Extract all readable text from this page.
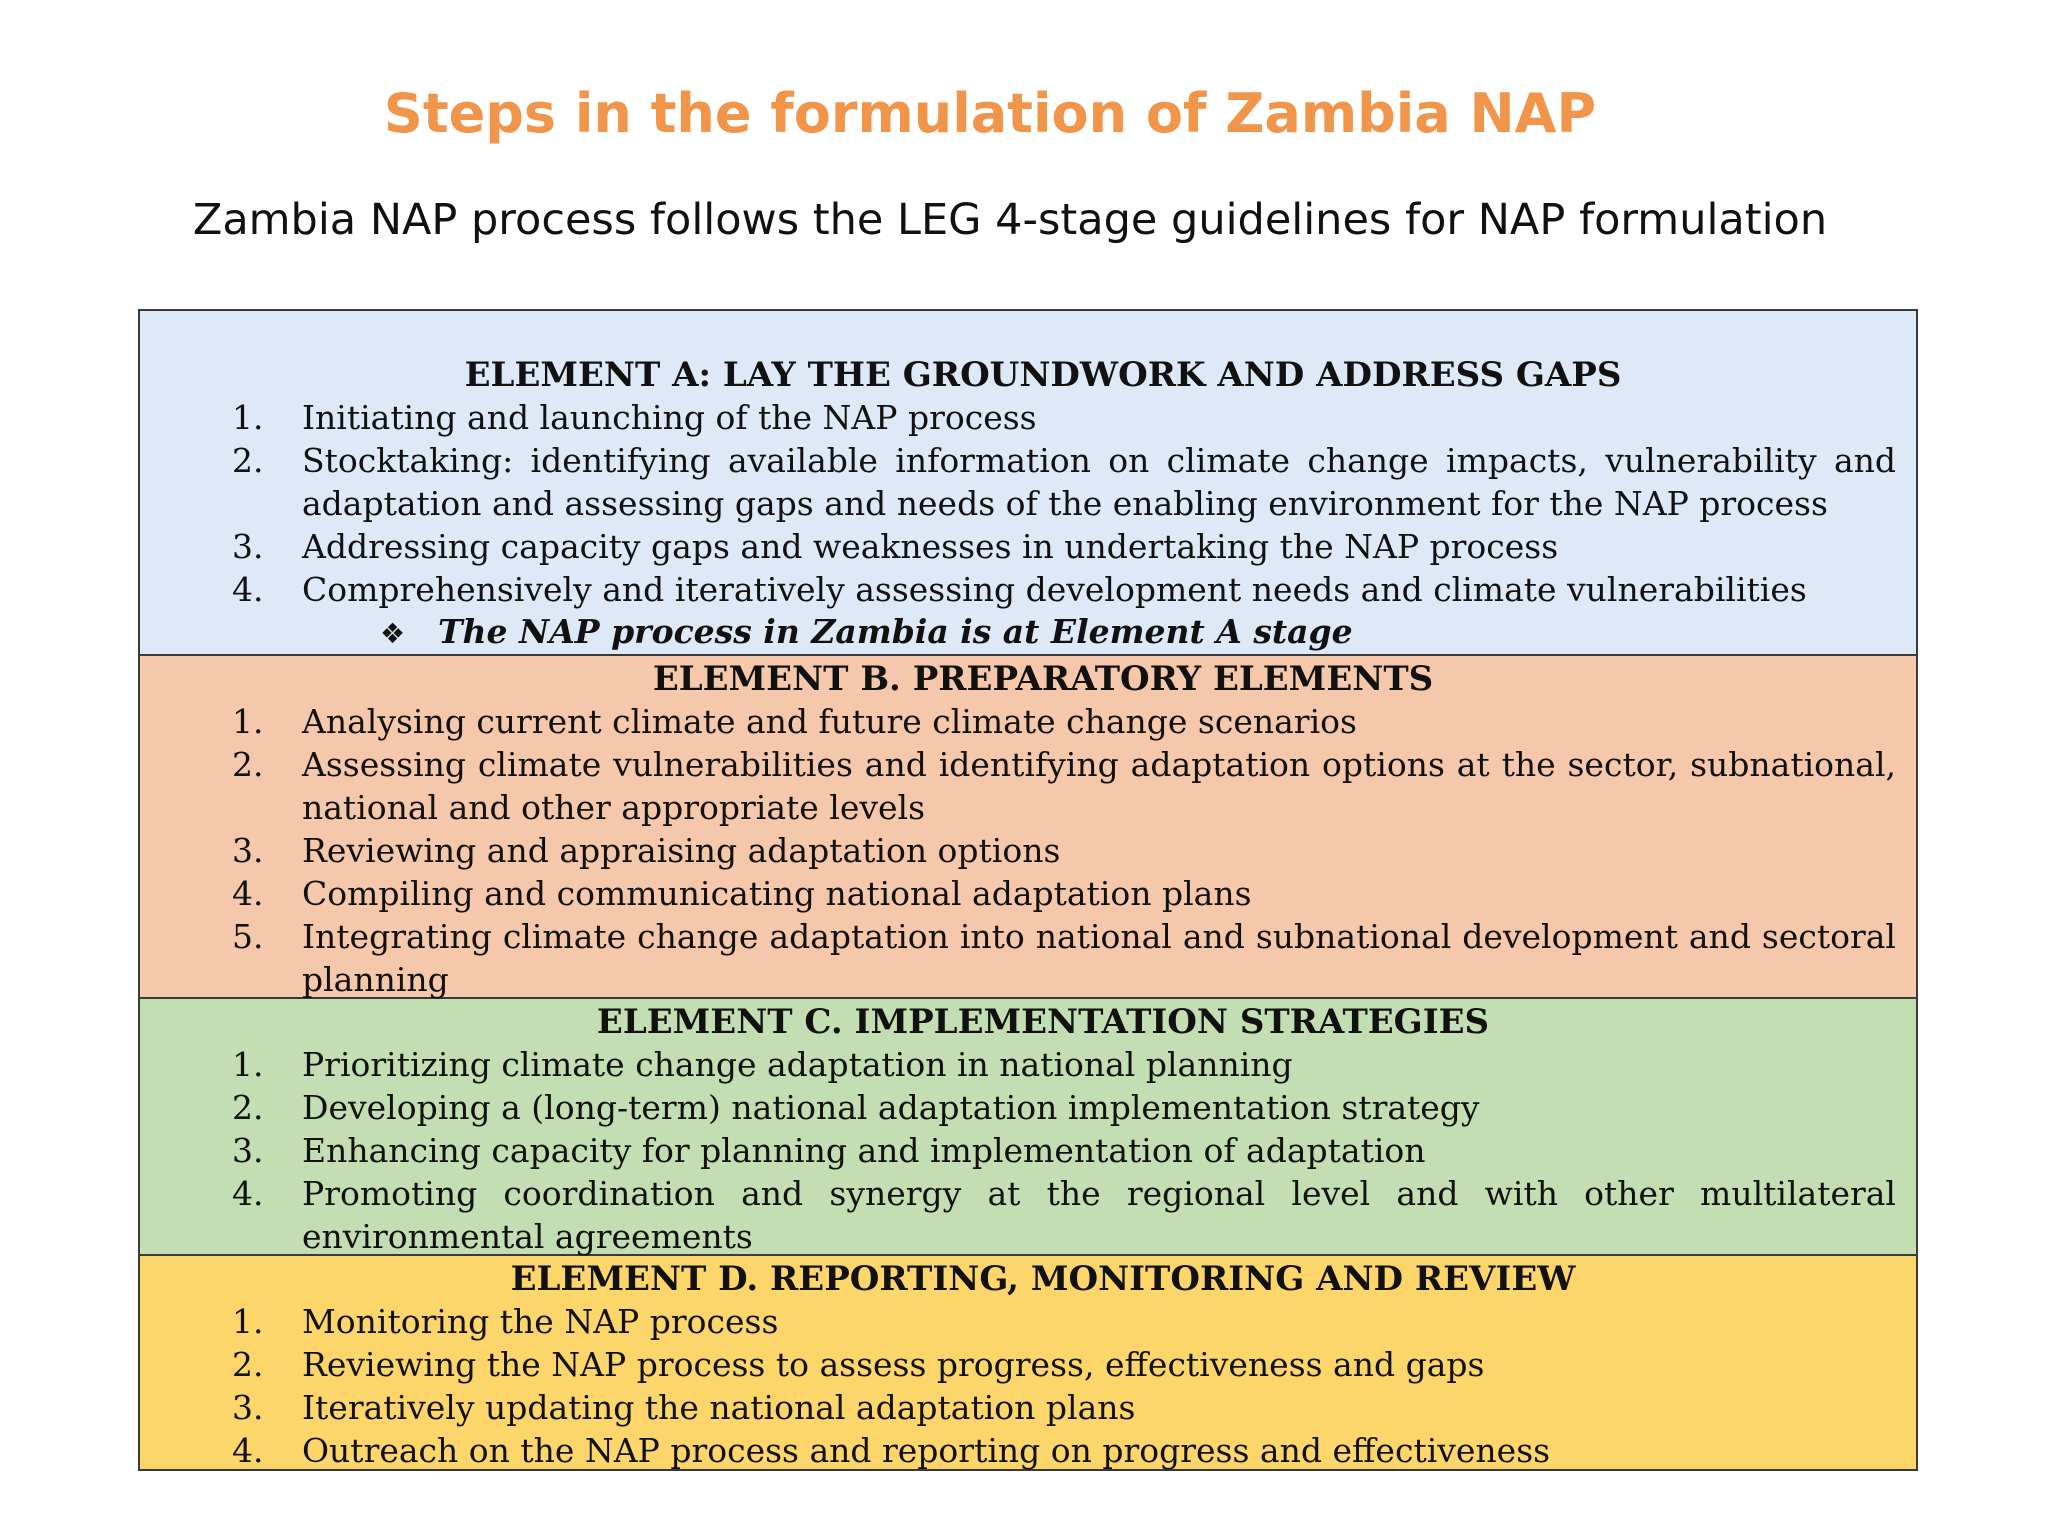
Steps in the formulation of Zambia NAP

Zambia NAP process follows the LEG 4-stage guidelines for NAP formulation

ELEMENT A: LAY THE GROUNDWORK AND ADDRESS GAPS

1. Initiating and launching of the NAP process
2. Stocktaking: identifying available information on climate change impacts, vulnerability and adaptation and assessing gaps and needs of the enabling environment for the NAP process
3. Addressing capacity gaps and weaknesses in undertaking the NAP process
4. Comprehensively and iteratively assessing development needs and climate vulnerabilities

❖ The NAP process in Zambia is at Element A stage

ELEMENT B. PREPARATORY ELEMENTS

1. Analysing current climate and future climate change scenarios
2. Assessing climate vulnerabilities and identifying adaptation options at the sector, subnational, national and other appropriate levels
3. Reviewing and appraising adaptation options
4. Compiling and communicating national adaptation plans
5. Integrating climate change adaptation into national and subnational development and sectoral planning

ELEMENT C. IMPLEMENTATION STRATEGIES

1. Prioritizing climate change adaptation in national planning
2. Developing a (long-term) national adaptation implementation strategy
3. Enhancing capacity for planning and implementation of adaptation
4. Promoting coordination and synergy at the regional level and with other multilateral environmental agreements

ELEMENT D. REPORTING, MONITORING AND REVIEW

1. Monitoring the NAP process
2. Reviewing the NAP process to assess progress, effectiveness and gaps
3. Iteratively updating the national adaptation plans
4. Outreach on the NAP process and reporting on progress and effectiveness
